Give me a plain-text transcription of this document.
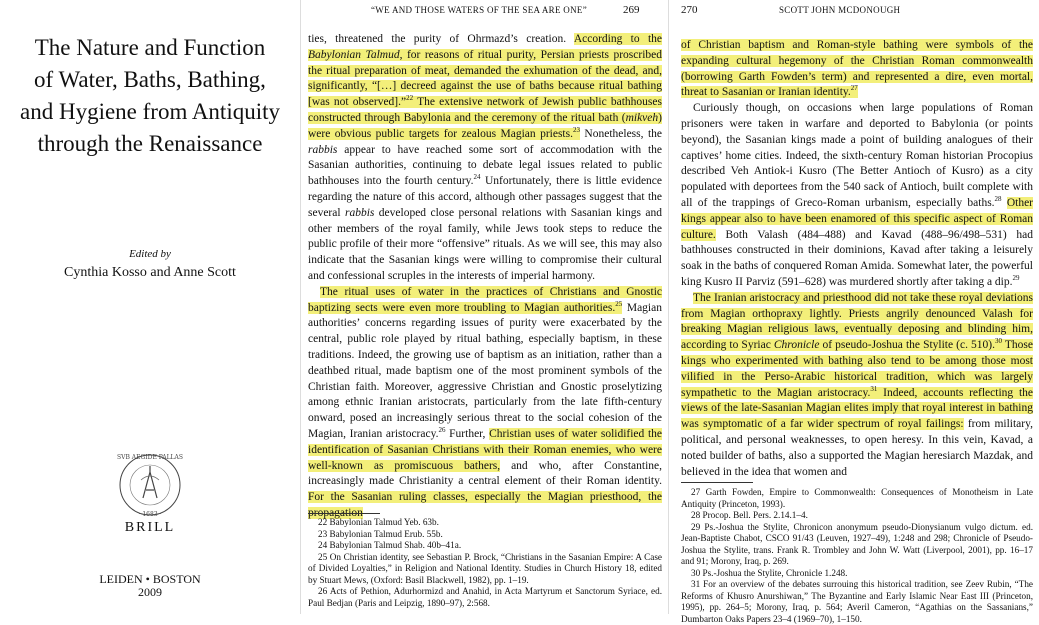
The Nature and Function
of Water, Baths, Bathing,
and Hygiene from Antiquity
through the Renaissance
Edited by
Cynthia Kosso and Anne Scott
SVB AEGIDE PALLAS
· 1683 ·
BRILL
LEIDEN • BOSTON
2009
“WE AND THOSE WATERS OF THE SEA ARE ONE”	269

ties, threatened the purity of Ohrmazd’s creation. According to the Babylonian Talmud, for reasons of ritual purity, Persian priests proscribed the ritual preparation of meat, demanded the exhumation of the dead, and, significantly, “[…] decreed against the use of baths because ritual bathing [was not observed].”$^{22}$ The extensive network of Jewish public bathhouses constructed through Babylonia and the ceremony of the ritual bath (mikveh) were obvious public targets for zealous Magian priests.$^{23}$ Nonetheless, the rabbis appear to have reached some sort of accommodation with the Sasanian authorities, continuing to debate legal issues related to public bathhouses into the fourth century.$^{24}$ Unfortunately, there is little evidence regarding the nature of this accord, although other passages suggest that the several rabbis developed close personal relations with Sasanian kings and other members of the royal family, while Jews took steps to reduce the public profile of their more “offensive” rituals. As we will see, this may also indicate that the Sasanian kings were willing to compromise their cultural and confessional scruples in the interests of imperial harmony.

The ritual uses of water in the practices of Christians and Gnostic baptizing sects were even more troubling to Magian authorities.$^{25}$ Magian authorities’ concerns regarding issues of purity were exacerbated by the central, public role played by ritual bathing, especially baptism, in these traditions. Indeed, the growing use of baptism as an initiation, rather than a deathbed ritual, made baptism one of the most prominent symbols of the Christian faith. Moreover, aggressive Christian and Gnostic proselytizing among ethnic Iranian aristocrats, particularly from the late fifth-century onward, posed an increasingly serious threat to the social cohesion of the Magian, Iranian aristocracy.$^{26}$ Further, Christian uses of water solidified the identification of Sasanian Christians with their Roman enemies, who were well-known as promiscuous bathers, and who, after Constantine, increasingly made Christianity a central element of their Roman identity. For the Sasanian ruling classes, especially the Magian priesthood, the propagation

22 Babylonian Talmud Yeb. 63b.
23 Babylonian Talmud Erub. 55b.
24 Babylonian Talmud Shab. 40b–41a.
25 On Christian identity, see Sebastian P. Brock, “Christians in the Sasanian Empire: A Case of Divided Loyalties,” in Religion and National Identity. Studies in Church History 18, edited by Stuart Mews, (Oxford: Basil Blackwell, 1982), pp. 1–19.
26 Acts of Pethion, Adurhormizd and Anahid, in Acta Martyrum et Sanctorum Syriace, ed. Paul Bedjan (Paris and Leipzig, 1890–97), 2:568.
270	SCOTT JOHN MCDONOUGH

of Christian baptism and Roman-style bathing were symbols of the expanding cultural hegemony of the Christian Roman commonwealth (borrowing Garth Fowden’s term) and represented a dire, even mortal, threat to Sasanian or Iranian identity.$^{27}$

Curiously though, on occasions when large populations of Roman prisoners were taken in warfare and deported to Babylonia (or points beyond), the Sasanian kings made a point of building analogues of their captives’ home cities. Indeed, the sixth-century Roman historian Procopius described Veh Antiok-i Kusro (The Better Antioch of Kusro) as a city populated with deportees from the 540 sack of Antioch, built complete with all of the trappings of Greco-Roman urbanism, especially baths.$^{28}$ Other kings appear also to have been enamored of this specific aspect of Roman culture. Both Valash (484–488) and Kavad (488–96/498–531) had bathhouses constructed in their dominions, Kavad after taking a leisurely soak in the baths of conquered Roman Amida. Somewhat later, the powerful king Kusro II Parviz (591–628) was murdered shortly after taking a dip.$^{29}$

The Iranian aristocracy and priesthood did not take these royal deviations from Magian orthopraxy lightly. Priests angrily denounced Valash for breaking Magian religious laws, eventually deposing and blinding him, according to Syriac Chronicle of pseudo-Joshua the Stylite (c. 510).$^{30}$ Those kings who experimented with bathing also tend to be among those most vilified in the Perso-Arabic historical tradition, which was largely sympathetic to the Magian aristocracy.$^{31}$ Indeed, accounts reflecting the views of the late-Sasanian Magian elites imply that royal interest in bathing was symptomatic of a far wider spectrum of royal failings: from military, political, and personal weaknesses, to open heresy. In this vein, Kavad, a noted builder of baths, also a supported the Magian heresiarch Mazdak, and believed in the idea that women and

27 Garth Fowden, Empire to Commonwealth: Consequences of Monotheism in Late Antiquity (Princeton, 1993).
28 Procop. Bell. Pers. 2.14.1–4.
29 Ps.-Joshua the Stylite, Chronicon anonymum pseudo-Dionysianum vulgo dictum. ed. Jean-Baptiste Chabot, CSCO 91/43 (Leuven, 1927–49), 1:248 and 298; Chronicle of Pseudo-Joshua the Stylite, trans. Frank R. Trombley and John W. Watt (Liverpool, 2001), pp. 16–17 and 91; Morony, Iraq, p. 269.
30 Ps.-Joshua the Stylite, Chronicle 1.248.
31 For an overview of the debates surrouing this historical tradition, see Zeev Rubin, “The Reforms of Khusro Anurshiwan,” The Byzantine and Early Islamic Near East III (Princeton, 1995), pp. 264–5; Morony, Iraq, p. 564; Averil Cameron, “Agathias on the Sassanians,” Dumbarton Oaks Papers 23–4 (1969–70), 1–150.
